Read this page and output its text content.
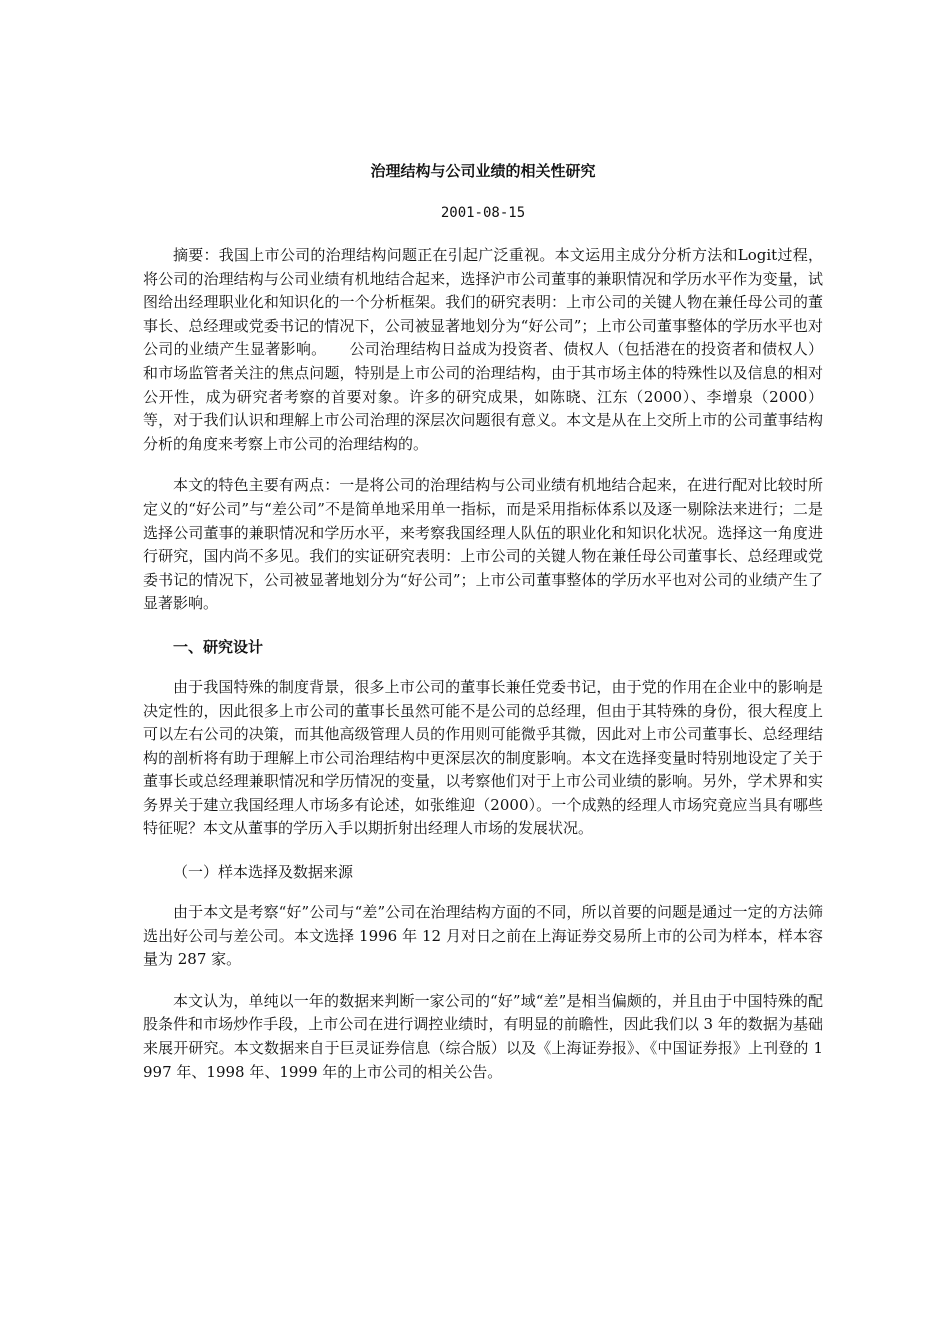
治理结构与公司业绩的相关性研究

2001-08-15

摘要：我国上市公司的治理结构问题正在引起广泛重视。本文运用主成分分析方法和Logit过程，将公司的治理结构与公司业绩有机地结合起来，选择沪市公司董事的兼职情况和学历水平作为变量，试图给出经理职业化和知识化的一个分析框架。我们的研究表明：上市公司的关键人物在兼任母公司的董事长、总经理或党委书记的情况下，公司被显著地划分为“好公司”；上市公司董事整体的学历水平也对公司的业绩产生显著影响。　　公司治理结构日益成为投资者、债权人（包括港在的投资者和债权人）和市场监管者关注的焦点问题，特别是上市公司的治理结构，由于其市场主体的特殊性以及信息的相对公开性，成为研究者考察的首要对象。许多的研究成果，如陈晓、江东（2000）、李增泉（2000）等，对于我们认识和理解上市公司治理的深层次问题很有意义。本文是从在上交所上市的公司董事结构分析的角度来考察上市公司的治理结构的。

本文的特色主要有两点：一是将公司的治理结构与公司业绩有机地结合起来，在进行配对比较时所定义的“好公司”与“差公司”不是简单地采用单一指标，而是采用指标体系以及逐一剔除法来进行；二是选择公司董事的兼职情况和学历水平，来考察我国经理人队伍的职业化和知识化状况。选择这一角度进行研究，国内尚不多见。我们的实证研究表明：上市公司的关键人物在兼任母公司董事长、总经理或党委书记的情况下，公司被显著地划分为“好公司”；上市公司董事整体的学历水平也对公司的业绩产生了显著影响。

一、研究设计

由于我国特殊的制度背景，很多上市公司的董事长兼任党委书记，由于党的作用在企业中的影响是决定性的，因此很多上市公司的董事长虽然可能不是公司的总经理，但由于其特殊的身份，很大程度上可以左右公司的决策，而其他高级管理人员的作用则可能微乎其微，因此对上市公司董事长、总经理结构的剖析将有助于理解上市公司治理结构中更深层次的制度影响。本文在选择变量时特别地设定了关于董事长或总经理兼职情况和学历情况的变量，以考察他们对于上市公司业绩的影响。另外，学术界和实务界关于建立我国经理人市场多有论述，如张维迎（2000）。一个成熟的经理人市场究竟应当具有哪些特征呢？本文从董事的学历入手以期折射出经理人市场的发展状况。

（一）样本选择及数据来源

由于本文是考察“好”公司与“差”公司在治理结构方面的不同，所以首要的问题是通过一定的方法筛选出好公司与差公司。本文选择 1996 年 12 月对日之前在上海证券交易所上市的公司为样本，样本容量为 287 家。

本文认为，单纯以一年的数据来判断一家公司的“好”域“差”是相当偏颇的，并且由于中国特殊的配股条件和市场炒作手段，上市公司在进行调控业绩时，有明显的前瞻性，因此我们以 3 年的数据为基础来展开研究。本文数据来自于巨灵证券信息（综合版）以及《上海证券报》、《中国证券报》上刊登的 1997 年、1998 年、1999 年的上市公司的相关公告。
